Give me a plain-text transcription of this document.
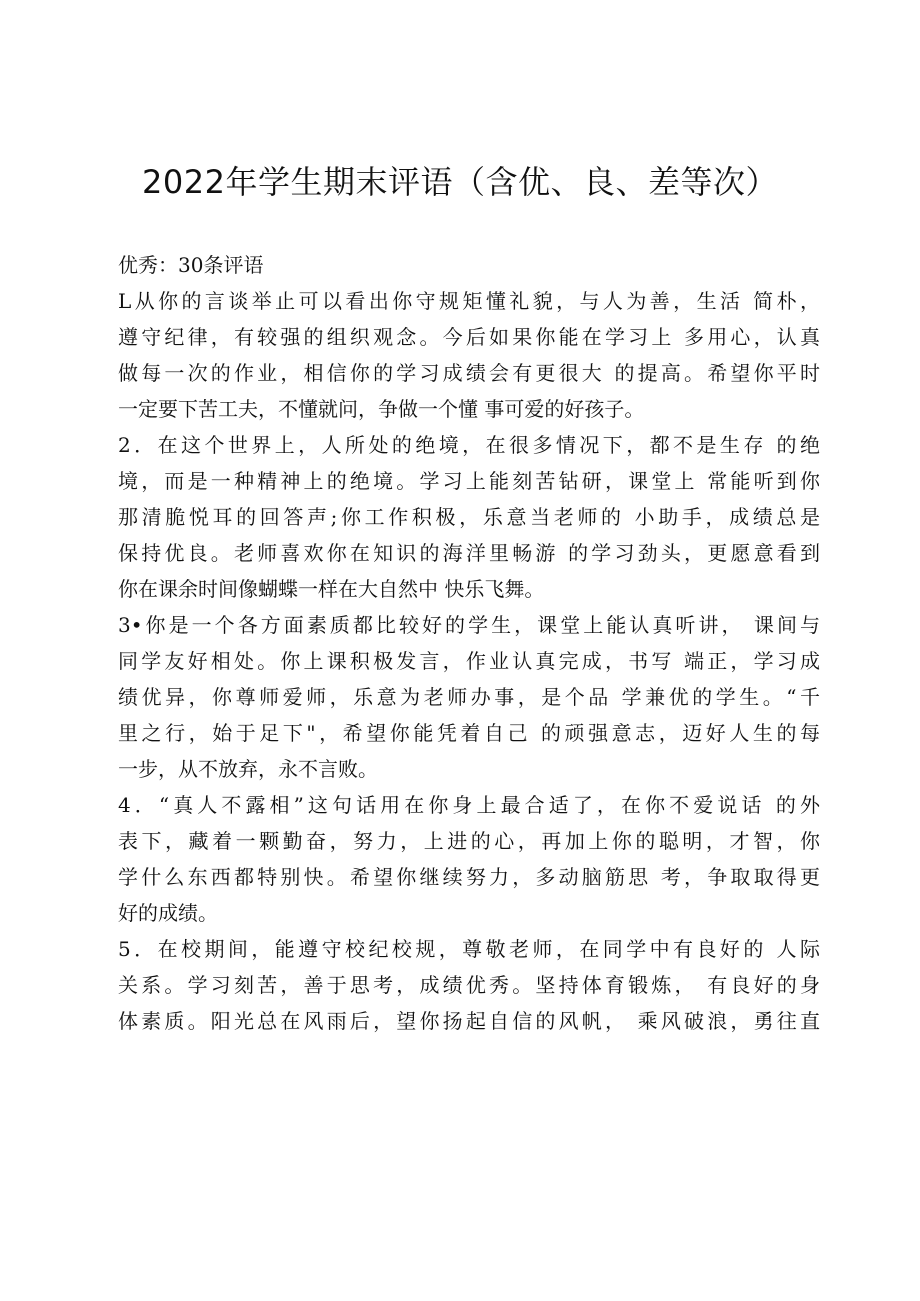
2022年学生期末评语（含优、良、差等次）
优秀：30条评语
L从你的言谈举止可以看出你守规矩懂礼貌，与人为善，生活 简朴，
遵守纪律，有较强的组织观念。今后如果你能在学习上 多用心，认真
做每一次的作业，相信你的学习成绩会有更很大 的提高。希望你平时
一定要下苦工夫，不懂就问，争做一个懂 事可爱的好孩子。
2．在这个世界上，人所处的绝境，在很多情况下，都不是生存 的绝
境，而是一种精神上的绝境。学习上能刻苦钻研，课堂上 常能听到你
那清脆悦耳的回答声;你工作积极，乐意当老师的 小助手，成绩总是
保持优良。老师喜欢你在知识的海洋里畅游 的学习劲头，更愿意看到
你在课余时间像蝴蝶一样在大自然中 快乐飞舞。
3•你是一个各方面素质都比较好的学生，课堂上能认真听讲， 课间与
同学友好相处。你上课积极发言，作业认真完成，书写 端正，学习成
绩优异，你尊师爱师，乐意为老师办事，是个品 学兼优的学生。“千
里之行，始于足下"，希望你能凭着自己 的顽强意志，迈好人生的每
一步，从不放弃，永不言败。
4．“真人不露相”这句话用在你身上最合适了，在你不爱说话 的外
表下，藏着一颗勤奋，努力，上进的心，再加上你的聪明，才智，你
学什么东西都特别快。希望你继续努力，多动脑筋思 考，争取取得更
好的成绩。
5．在校期间，能遵守校纪校规，尊敬老师，在同学中有良好的 人际
关系。学习刻苦，善于思考，成绩优秀。坚持体育锻炼， 有良好的身
体素质。阳光总在风雨后，望你扬起自信的风帆， 乘风破浪，勇往直
